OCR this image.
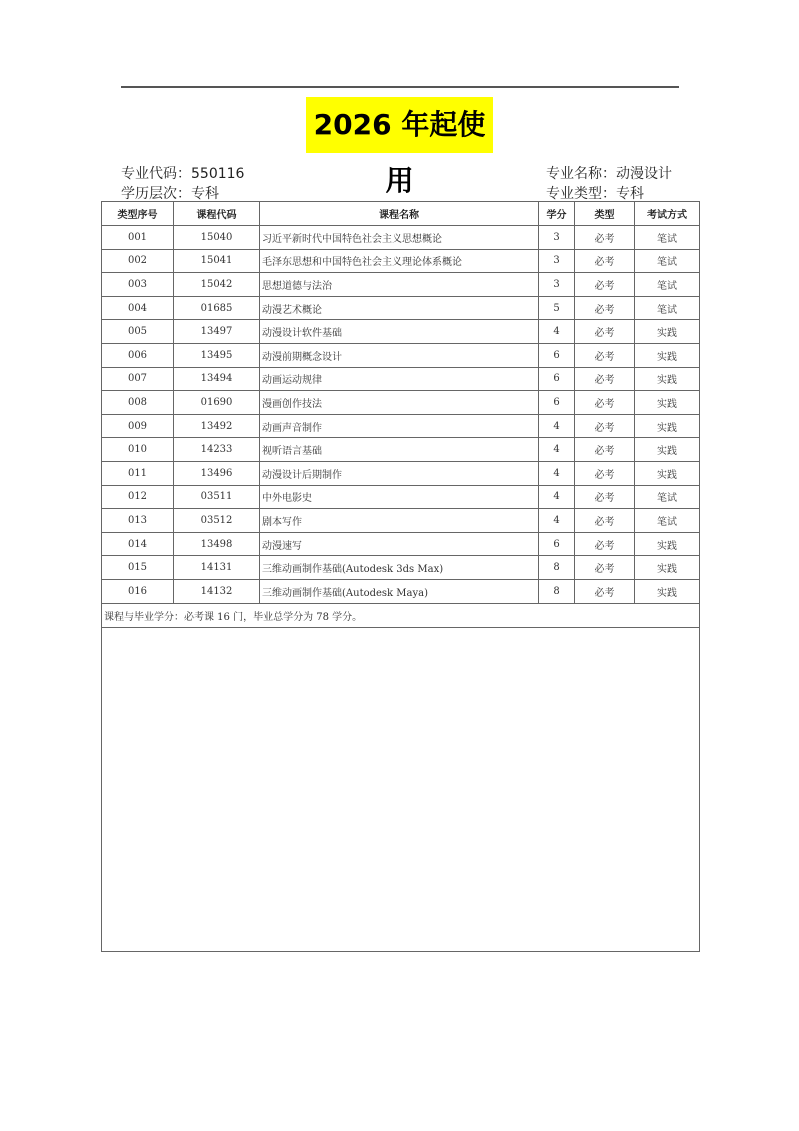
2026 年起使用
专业代码：550116
学历层次：专科
专业名称：动漫设计
专业类型：专科
类型序号	课程代码	课程名称	学分	类型	考试方式
001	15040	习近平新时代中国特色社会主义思想概论	3	必考	笔试
002	15041	毛泽东思想和中国特色社会主义理论体系概论	3	必考	笔试
003	15042	思想道德与法治	3	必考	笔试
004	01685	动漫艺术概论	5	必考	笔试
005	13497	动漫设计软件基础	4	必考	实践
006	13495	动漫前期概念设计	6	必考	实践
007	13494	动画运动规律	6	必考	实践
008	01690	漫画创作技法	6	必考	实践
009	13492	动画声音制作	4	必考	实践
010	14233	视听语言基础	4	必考	实践
011	13496	动漫设计后期制作	4	必考	实践
012	03511	中外电影史	4	必考	笔试
013	03512	剧本写作	4	必考	笔试
014	13498	动漫速写	6	必考	实践
015	14131	三维动画制作基础(Autodesk 3ds Max)	8	必考	实践
016	14132	三维动画制作基础(Autodesk Maya)	8	必考	实践
课程与毕业学分：必考课 16 门，毕业总学分为 78 学分。					
